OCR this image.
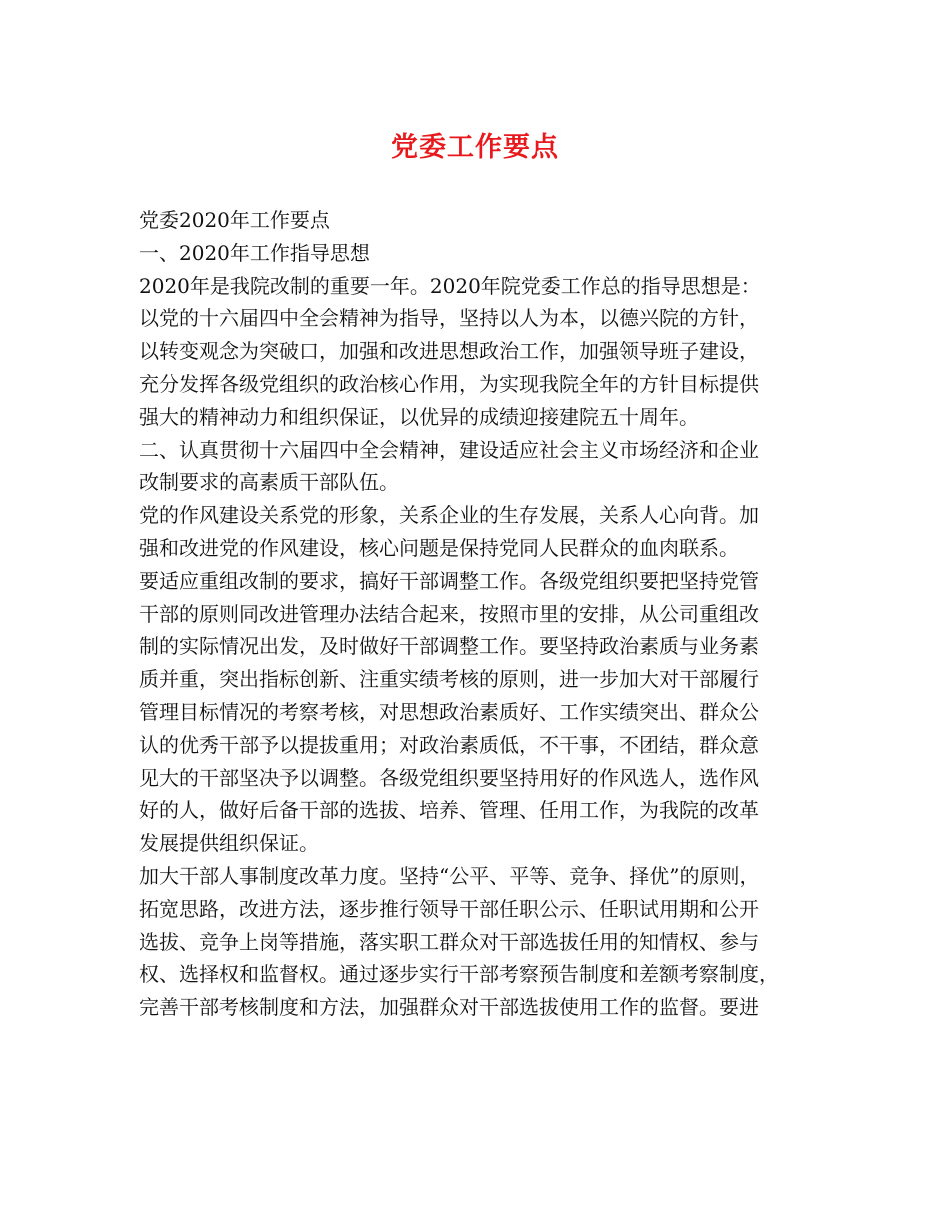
党委工作要点
党委2020年工作要点
一、2020年工作指导思想
2020年是我院改制的重要一年。2020年院党委工作总的指导思想是：
以党的十六届四中全会精神为指导，坚持以人为本，以德兴院的方针，
以转变观念为突破口，加强和改进思想政治工作，加强领导班子建设，
充分发挥各级党组织的政治核心作用，为实现我院全年的方针目标提供
强大的精神动力和组织保证，以优异的成绩迎接建院五十周年。
二、认真贯彻十六届四中全会精神，建设适应社会主义市场经济和企业
改制要求的高素质干部队伍。
党的作风建设关系党的形象，关系企业的生存发展，关系人心向背。加
强和改进党的作风建设，核心问题是保持党同人民群众的血肉联系。
要适应重组改制的要求，搞好干部调整工作。各级党组织要把坚持党管
干部的原则同改进管理办法结合起来，按照市里的安排，从公司重组改
制的实际情况出发，及时做好干部调整工作。要坚持政治素质与业务素
质并重，突出指标创新、注重实绩考核的原则，进一步加大对干部履行
管理目标情况的考察考核，对思想政治素质好、工作实绩突出、群众公
认的优秀干部予以提拔重用；对政治素质低，不干事，不团结，群众意
见大的干部坚决予以调整。各级党组织要坚持用好的作风选人，选作风
好的人，做好后备干部的选拔、培养、管理、任用工作，为我院的改革
发展提供组织保证。
加大干部人事制度改革力度。坚持“公平、平等、竞争、择优”的原则，
拓宽思路，改进方法，逐步推行领导干部任职公示、任职试用期和公开
选拔、竞争上岗等措施，落实职工群众对干部选拔任用的知情权、参与
权、选择权和监督权。通过逐步实行干部考察预告制度和差额考察制度，
完善干部考核制度和方法，加强群众对干部选拔使用工作的监督。要进
